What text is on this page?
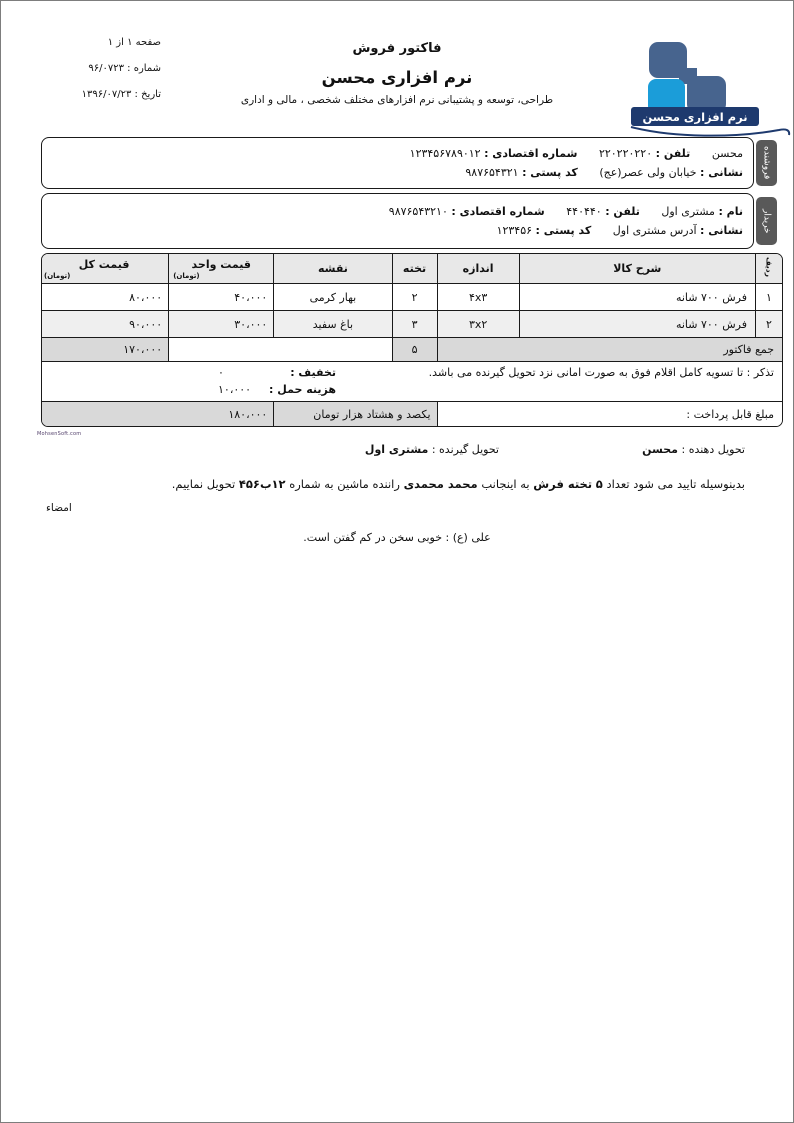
صفحه ۱ از ۱
شماره : ۹۶/۰۷۲۳
تاریخ : ۱۳۹۶/۰۷/۲۳
فاکتور فروش
نرم افزاری محسن
طراحی، توسعه و پشتیبانی نرم افزارهای مختلف شخصی ، مالی و اداری
نرم افزاری محسن
محسن تلفن : ۲۲۰۲۲۰۲۲۰ شماره اقتصادی : ۱۲۳۴۵۶۷۸۹۰۱۲
نشانی : خیابان ولی عصر(عج) کد پستی : ۹۸۷۶۵۴۳۲۱	فروشنده
نام : مشتری اول تلفن : ۴۴۰۴۴۰ شماره اقتصادی : ۹۸۷۶۵۴۳۲۱۰
نشانی : آدرس مشتری اول کد پستی : ۱۲۳۴۵۶	خریدار
ردیف	شرح کالا	اندازه	تخته	نقشه	قیمت واحد
(تومان)	قیمت کل
(تومان)

۱	فرش ۷۰۰ شانه	۴x۳	۲	بهار کرمی	۴۰،۰۰۰	۸۰،۰۰۰
۲	فرش ۷۰۰ شانه	۳x۲	۳	باغ سفید	۳۰،۰۰۰	۹۰،۰۰۰
جمع فاکتور			۵			۱۷۰،۰۰۰

تذکر : تا تسویه کامل اقلام فوق به صورت امانی نزد تحویل گیرنده می باشد.
تخفیف :
۰
هزینه حمل :
۱۰،۰۰۰						

مبلغ قابل پرداخت :			یکصد و هشتاد هزار تومان		۱۸۰،۰۰۰	
MohsenSoft.com
تحویل دهنده : محسن
تحویل گیرنده : مشتری اول
بدینوسیله تایید می شود تعداد ۵ تخته فرش به اینجانب محمد محمدی راننده ماشین به شماره ۱۲ب۴۵۶ تحویل نماییم.
امضاء
علی (ع) : خوبی سخن در کم گفتن است.
